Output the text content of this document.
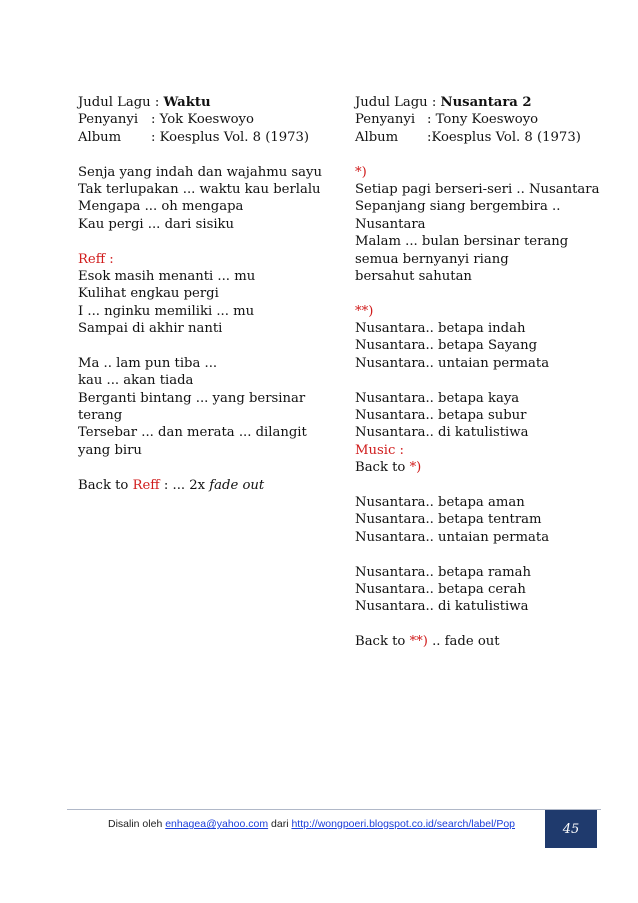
Judul Lagu : Waktu
Penyanyi : Yok Koeswoyo
Album : Koesplus Vol. 8 (1973)
Senja yang indah dan wajahmu sayu
Tak terlupakan ... waktu kau berlalu
Mengapa ... oh mengapa
Kau pergi ... dari sisiku
Reff :
Esok masih menanti ... mu
Kulihat engkau pergi
I ... nginku memiliki ... mu
Sampai di akhir nanti
Ma .. lam pun tiba ...
kau ... akan tiada
Berganti bintang ... yang bersinar
terang
Tersebar ... dan merata ... dilangit
yang biru
Back to Reff : ... 2x fade out
Judul Lagu : Nusantara 2
Penyanyi : Tony Koeswoyo
Album :Koesplus Vol. 8 (1973)
*)
Setiap pagi berseri-seri .. Nusantara
Sepanjang siang bergembira ..
Nusantara
Malam ... bulan bersinar terang
semua bernyanyi riang
bersahut sahutan
**)
Nusantara.. betapa indah
Nusantara.. betapa Sayang
Nusantara.. untaian permata
Nusantara.. betapa kaya
Nusantara.. betapa subur
Nusantara.. di katulistiwa
Music :
Back to *)
Nusantara.. betapa aman
Nusantara.. betapa tentram
Nusantara.. untaian permata
Nusantara.. betapa ramah
Nusantara.. betapa cerah
Nusantara.. di katulistiwa
Back to **) .. fade out
Disalin oleh enhagea@yahoo.com dari http://wongpoeri.blogspot.co.id/search/label/Pop	45
